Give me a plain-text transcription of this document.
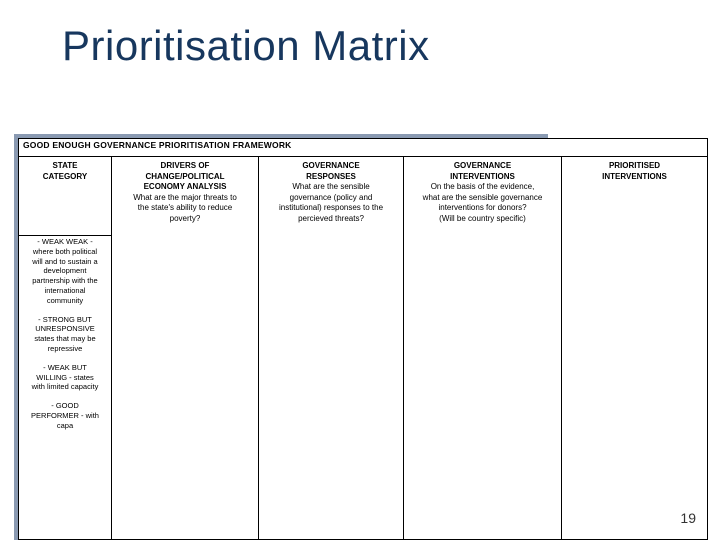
Prioritisation Matrix

GOOD ENOUGH GOVERNANCE PRIORITISATION FRAMEWORK

STATE
CATEGORY
- WEAK WEAK -
where both political
will and to sustain a
development
partnership with the
international
community
- STRONG BUT
UNRESPONSIVE
states that may be
repressive
- WEAK BUT
WILLING - states
with limited capacity
- GOOD
PERFORMER - with
capa
DRIVERS OF
CHANGE/POLITICAL
ECONOMY ANALYSIS
What are the major threats to
the state's ability to reduce
poverty?
GOVERNANCE
RESPONSES
What are the sensible
governance (policy and
institutional) responses to the
percieved threats?
GOVERNANCE
INTERVENTIONS
On the basis of the evidence,
what are the sensible governance
interventions for donors?
(Will be country specific)
PRIORITISED
INTERVENTIONS
19
